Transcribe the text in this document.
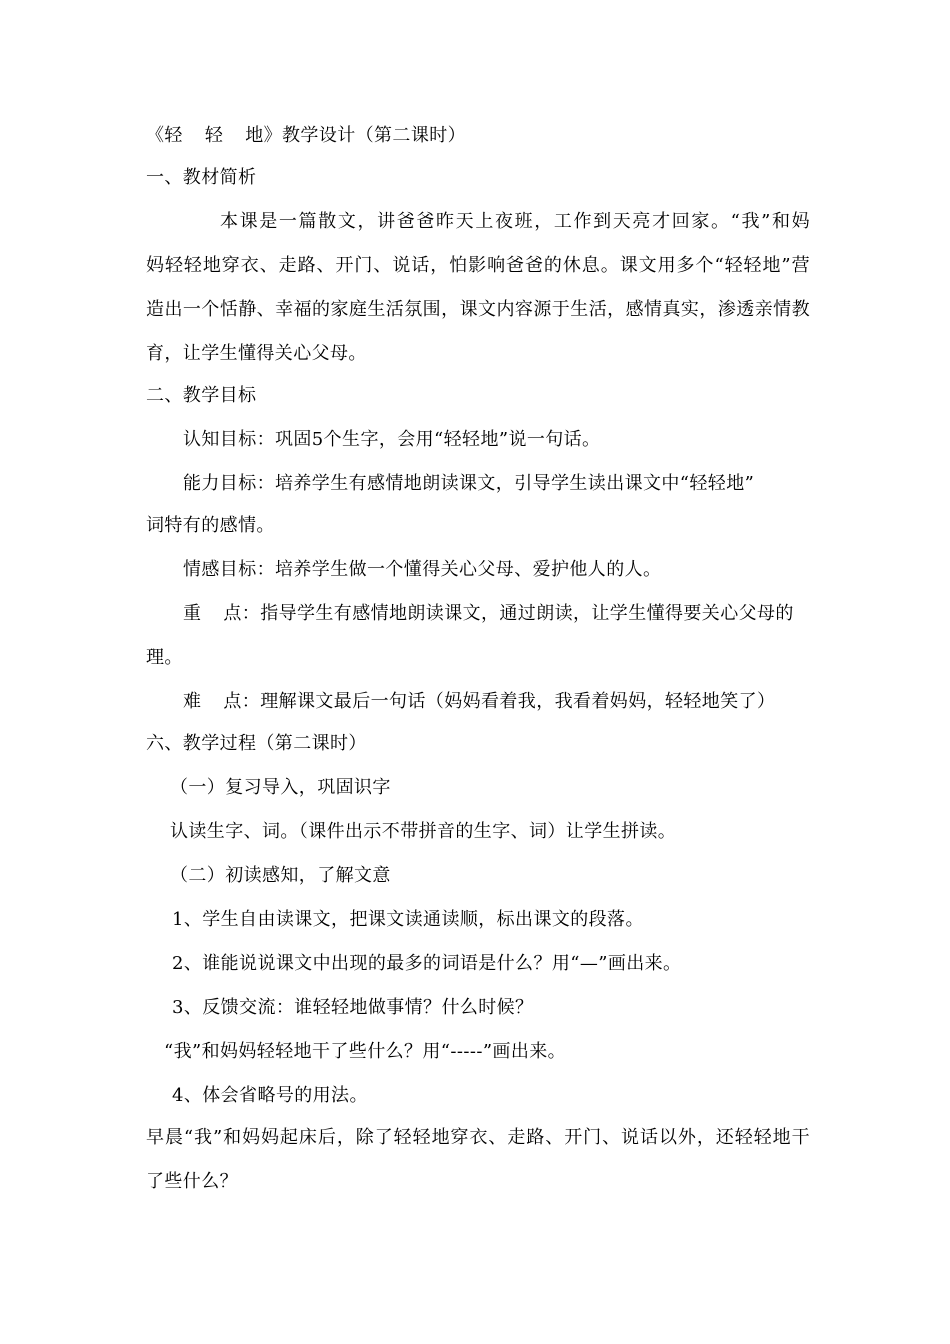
《轻 轻 地》教学设计（第二课时）
一、教材简析
本课是一篇散文，讲爸爸昨天上夜班，工作到天亮才回家。“我”和妈
妈轻轻地穿衣、走路、开门、说话，怕影响爸爸的休息。课文用多个“轻轻地”营
造出一个恬静、幸福的家庭生活氛围，课文内容源于生活，感情真实，渗透亲情教
育，让学生懂得关心父母。
二、教学目标
认知目标：巩固5个生字，会用“轻轻地”说一句话。
能力目标：培养学生有感情地朗读课文，引导学生读出课文中“轻轻地”
词特有的感情。
情感目标：培养学生做一个懂得关心父母、爱护他人的人。
重 点：指导学生有感情地朗读课文，通过朗读，让学生懂得要关心父母的
理。
难 点：理解课文最后一句话（妈妈看着我，我看着妈妈，轻轻地笑了）
六、教学过程（第二课时）
（一）复习导入，巩固识字
认读生字、词。（课件出示不带拼音的生字、词）让学生拼读。
（二）初读感知，了解文意
1、学生自由读课文，把课文读通读顺，标出课文的段落。
2、谁能说说课文中出现的最多的词语是什么？用“—”画出来。
3、反馈交流：谁轻轻地做事情？什么时候？
“我”和妈妈轻轻地干了些什么？用“-----”画出来。
4、体会省略号的用法。
早晨“我”和妈妈起床后，除了轻轻地穿衣、走路、开门、说话以外，还轻轻地干
了些什么？
